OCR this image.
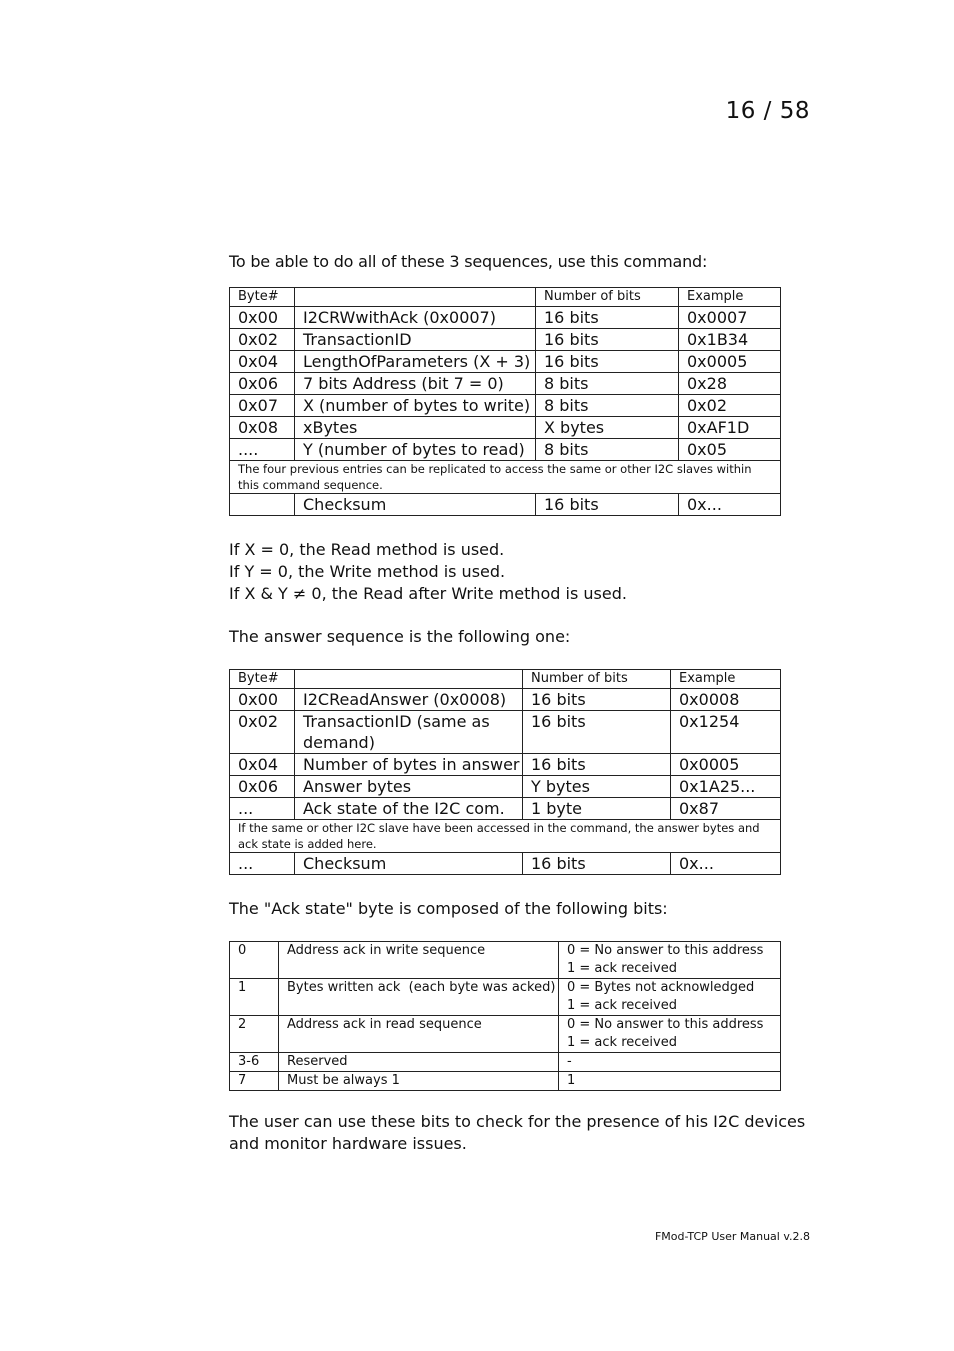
16 / 58

To be able to do all of these 3 sequences, use this command:

Byte#		Number of bits	Example
0x00	I2CRWwithAck (0x0007)	16 bits	0x0007
0x02	TransactionID	16 bits	0x1B34
0x04	LengthOfParameters (X + 3)	16 bits	0x0005
0x06	7 bits Address (bit 7 = 0)	8 bits	0x28
0x07	X (number of bytes to write)	8 bits	0x02
0x08	xBytes	X bytes	0xAF1D
....	Y (number of bytes to read)	8 bits	0x05
The four previous entries can be replicated to access the same or other I2C slaves within this command sequence.			
	Checksum	16 bits	0x...

If X = 0, the Read method is used.

If Y = 0, the Write method is used.

If X & Y ≠ 0, the Read after Write method is used.

The answer sequence is the following one:

Byte#		Number of bits	Example
0x00	I2CReadAnswer (0x0008)	16 bits	0x0008
0x02	TransactionID (same as demand)	16 bits	0x1254
0x04	Number of bytes in answer	16 bits	0x0005
0x06	Answer bytes	Y bytes	0x1A25...
...	Ack state of the I2C com.	1 byte	0x87
If the same or other I2C slave have been accessed in the command, the answer bytes and ack state is added here.			
...	Checksum	16 bits	0x...

The "Ack state" byte is composed of the following bits:

0	Address ack in write sequence	0 = No answer to this address
1 = ack received

1	Bytes written ack  (each byte was acked)	0 = Bytes not acknowledged
1 = ack received

2	Address ack in read sequence	0 = No answer to this address
1 = ack received

3-6	Reserved	-
7	Must be always 1	1

The user can use these bits to check for the presence of his I2C devices and monitor hardware issues.

FMod-TCP User Manual v.2.8
